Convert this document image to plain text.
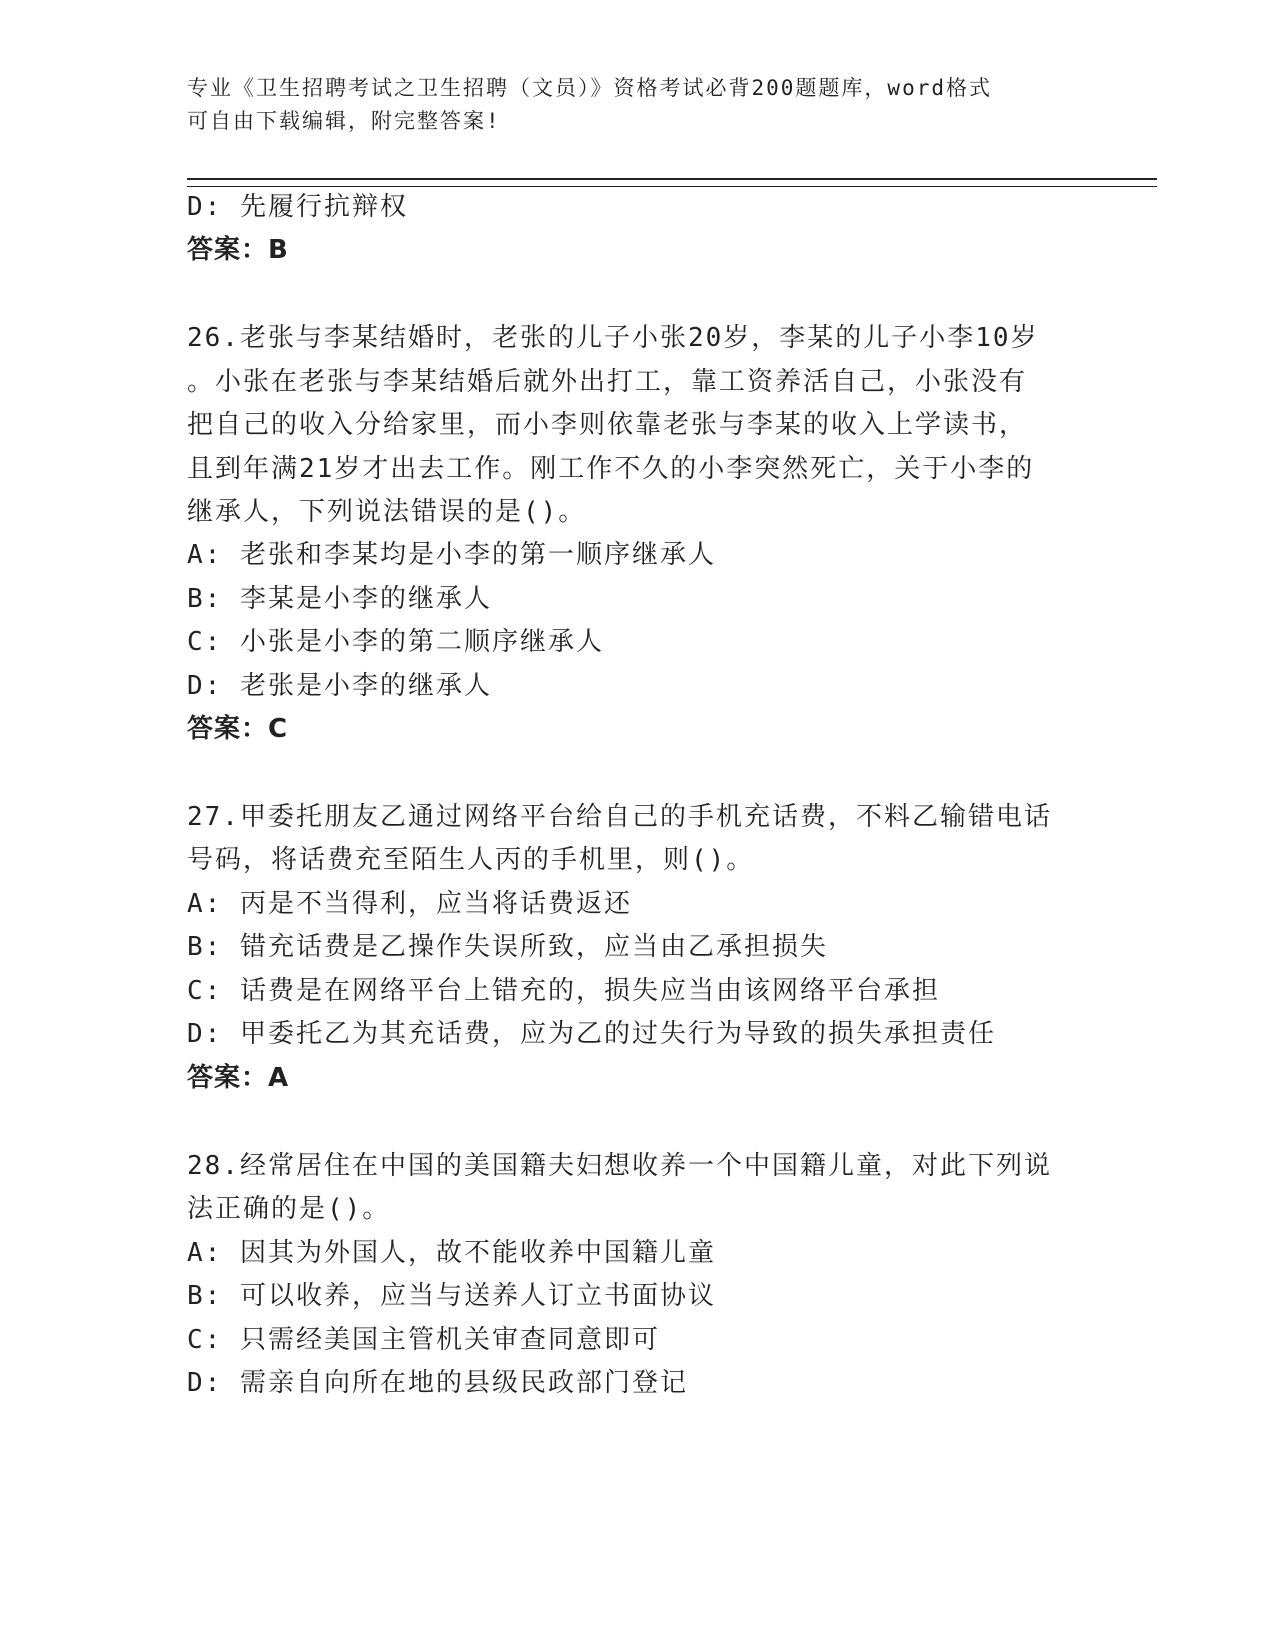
专业《卫生招聘考试之卫生招聘（文员）》资格考试必背200题题库，word格式
可自由下载编辑，附完整答案!
D: 先履行抗辩权
答案：B
26.老张与李某结婚时，老张的儿子小张20岁，李某的儿子小李10岁
。小张在老张与李某结婚后就外出打工，靠工资养活自己，小张没有
把自己的收入分给家里，而小李则依靠老张与李某的收入上学读书，
且到年满21岁才出去工作。刚工作不久的小李突然死亡，关于小李的
继承人，下列说法错误的是()。
A: 老张和李某均是小李的第一顺序继承人
B: 李某是小李的继承人
C: 小张是小李的第二顺序继承人
D: 老张是小李的继承人
答案：C
27.甲委托朋友乙通过网络平台给自己的手机充话费，不料乙输错电话
号码，将话费充至陌生人丙的手机里，则()。
A: 丙是不当得利，应当将话费返还
B: 错充话费是乙操作失误所致，应当由乙承担损失
C: 话费是在网络平台上错充的，损失应当由该网络平台承担
D: 甲委托乙为其充话费，应为乙的过失行为导致的损失承担责任
答案：A
28.经常居住在中国的美国籍夫妇想收养一个中国籍儿童，对此下列说
法正确的是()。
A: 因其为外国人，故不能收养中国籍儿童
B: 可以收养，应当与送养人订立书面协议
C: 只需经美国主管机关审查同意即可
D: 需亲自向所在地的县级民政部门登记
